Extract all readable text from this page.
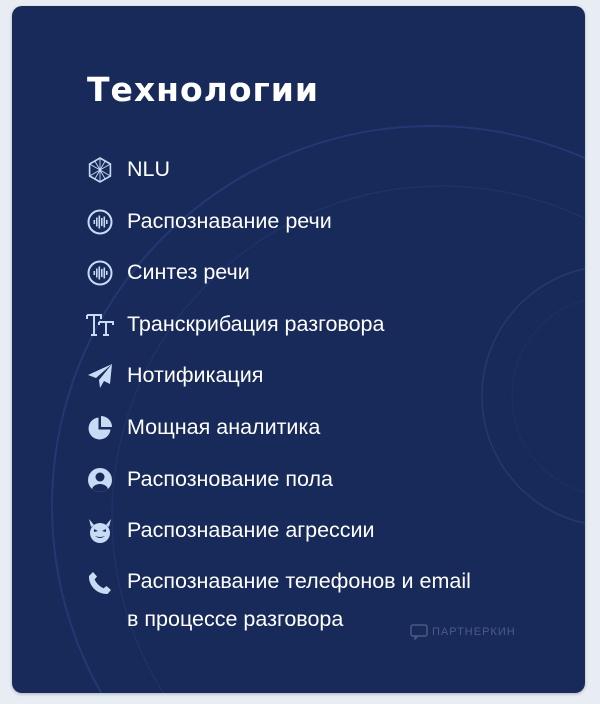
Технологии
NLU
Распознавание речи
Синтез речи
Транскрибация разговора
Нотификация
Мощная аналитика
Распознование пола
Распознавание агрессии
Распознавание телефонов и email в процессе разговора
ПАРТНЕРКИН
